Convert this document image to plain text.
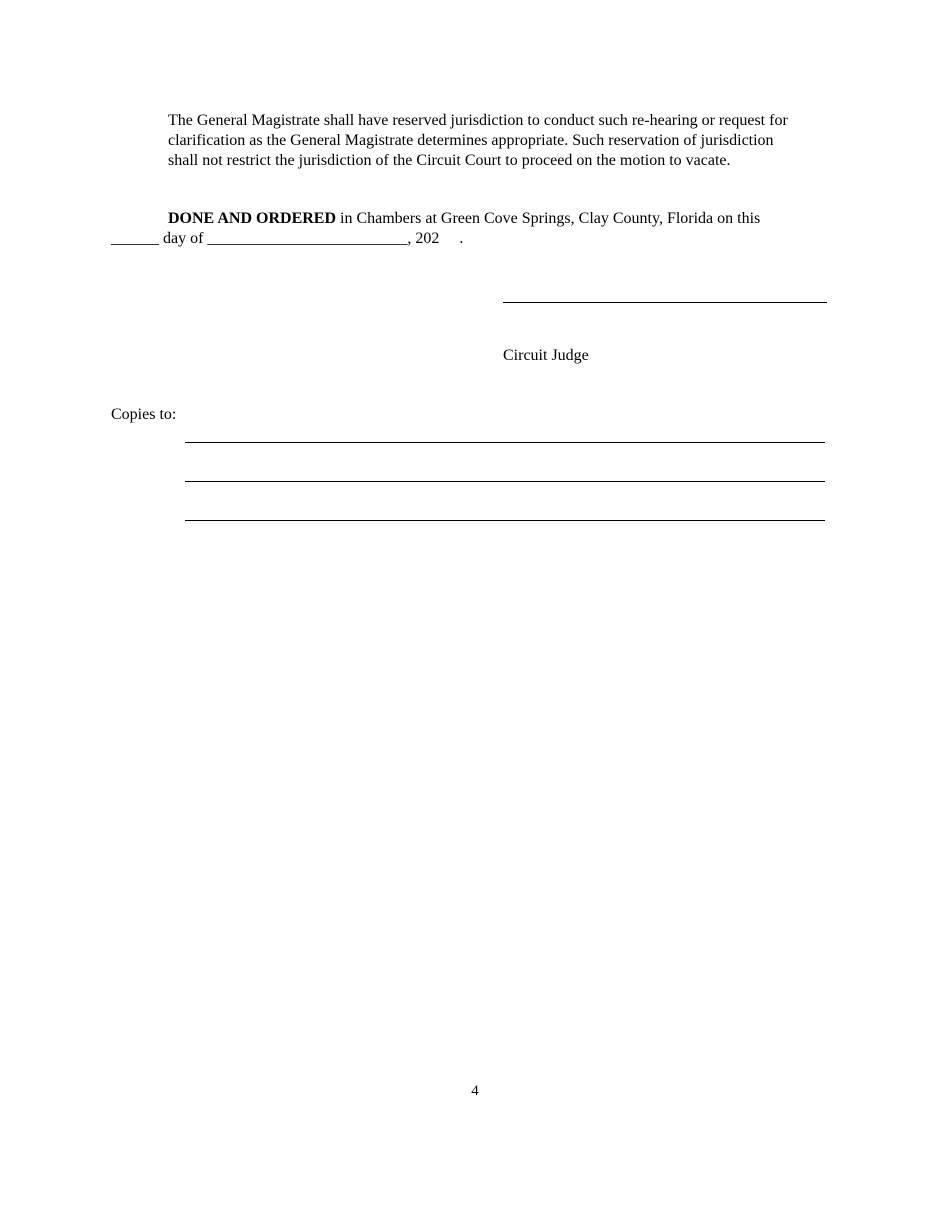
The General Magistrate shall have reserved jurisdiction to conduct such re-hearing or request for
clarification as the General Magistrate determines appropriate. Such reservation of jurisdiction
shall not restrict the jurisdiction of the Circuit Court to proceed on the motion to vacate.

DONE AND ORDERED in Chambers at Green Cove Springs, Clay County, Florida on this

______ day of _________________________, 202     .

Circuit Judge

Copies to:

4
